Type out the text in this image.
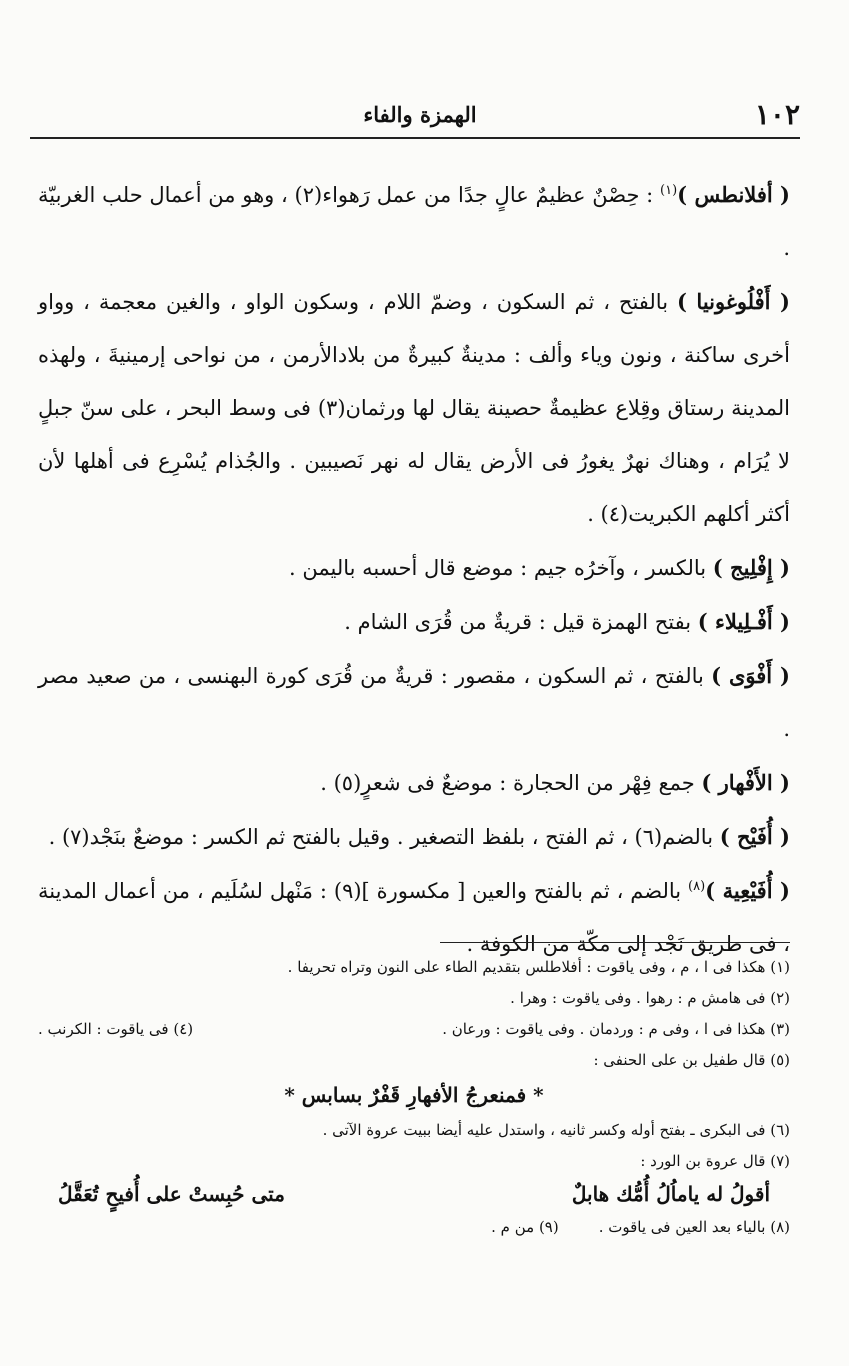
١٠٢
الهمزة والفاء

( أفلانطس )$^{(١)}$ : حِصْنٌ عظيمٌ عالٍ جدًا من عمل رَهواء(٢) ، وهو من أعمال حلب الغربيّة .

( أَفْلُوغونيا ) بالفتح ، ثم السكون ، وضمّ اللام ، وسكون الواو ، والغين معجمة ، وواو أخرى ساكنة ، ونون وياء وألف : مدينةٌ كبيرةٌ من بلادالأرمن ، من نواحى إرمينيةَ ، ولهذه المدينة رستاق وقِلاع عظيمةٌ حصينة يقال لها ورثمان(٣) فى وسط البحر ، على سنّ جبلٍ لا يُرَام ، وهناك نهرٌ يغورُ فى الأرض يقال له نهر نَصيبين . والجُذام يُسْرِع فى أهلها لأن أكثر أكلهم الكبريت(٤) .

( إِفْلِيج ) بالكسر ، وآخرُه جيم : موضع قال أحسبه باليمن .

( أَفْـلِيلاء ) بفتح الهمزة قيل : قريةٌ من قُرَى الشام .

( أَفْوَى ) بالفتح ، ثم السكون ، مقصور : قريةٌ من قُرَى كورة البهنسى ، من صعيد مصر .

( الأَفْهار ) جمع فِهْر من الحجارة : موضعٌ فى شعرٍ(٥) .

( أُفَيْح ) بالضم(٦) ، ثم الفتح ، بلفظ التصغير . وقيل بالفتح ثم الكسر : موضعٌ بنَجْد(٧) .

( أُفَيْعِية )$^{(٨)}$ بالضم ، ثم بالفتح والعين [ مكسورة ](٩) : مَنْهل لسُلَيم ، من أعمال المدينة ، فى طريق نَجْد إلى مكّة من الكوفة .

(١) هكذا فى ا ، م ، وفى ياقوت : أفلاطلس بتقديم الطاء على النون وتراه تحريفا .

(٢) فى هامش م : رهوا . وفى ياقوت : وهرا .

(٣) هكذا فى ا ، وفى م : وردمان . وفى ياقوت : ورعان .
(٤) فى ياقوت : الكرنب .

(٥) قال طفيل بن على الحنفى :

* فمنعرجُ الأفهارِ قَفْرٌ بسابس *

(٦) فى البكرى ـ بفتح أوله وكسر ثانيه ، واستدل عليه أيضا ببيت عروة الآتى .

(٧) قال عروة بن الورد :

أقولُ له ياماُلُ أُمُّك هابلٌ
متى حُبِستْ على أُفيحٍ تُعَقَّلُ
(٨) بالياء بعد العين فى ياقوت .
(٩) من م .
